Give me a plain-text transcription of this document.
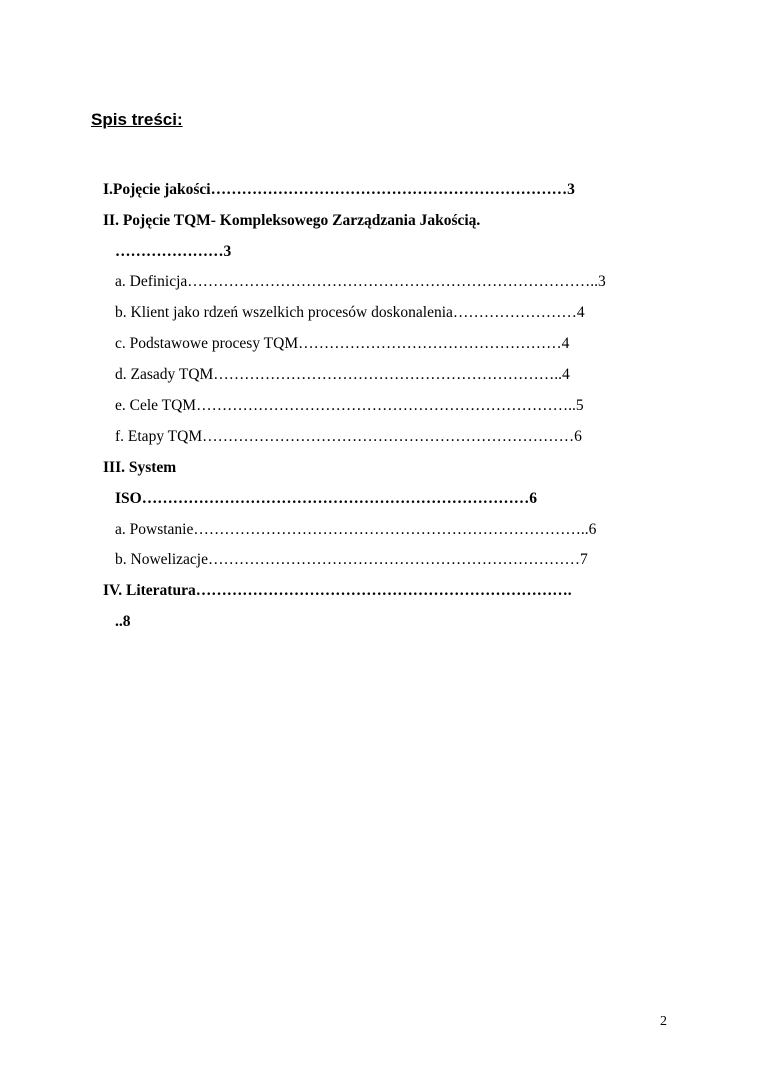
Spis treści:
I.Pojęcie jakości……………………………………………………………3
II. Pojęcie TQM- Kompleksowego Zarządzania Jakością.
…………………3
a. Definicja……………………………………………………………………..3
b. Klient jako rdzeń wszelkich procesów doskonalenia……………………4
c. Podstawowe procesy TQM……………………………………………4
d. Zasady TQM…………………………………………………………..4
e. Cele TQM………………………………………………………………..5
f. Etapy TQM………………………………………………………………6
III. System
ISO…………………………………………………………………6
a. Powstanie…………………………………………………………………..6
b. Nowelizacje………………………………………………………………7
IV. Literatura……………………………………………………………….
..8
2
